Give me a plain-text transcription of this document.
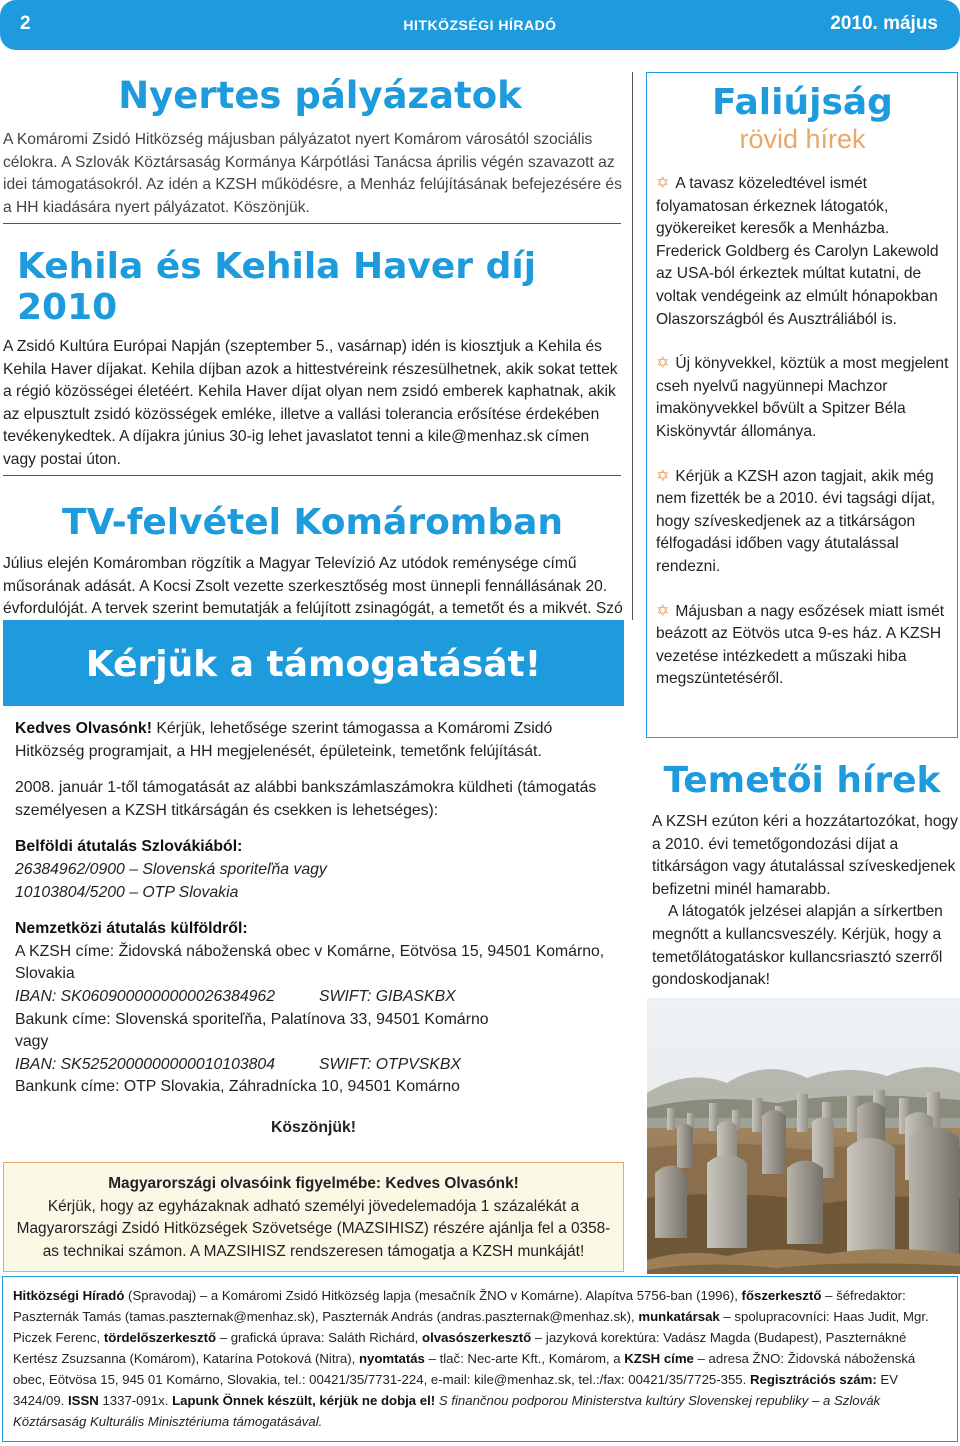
2	HITKÖZSÉGI HÍRADÓ	2010. május
Nyertes pályázatok

A Komáromi Zsidó Hitközség májusban pályázatot nyert Komárom városától szociális célokra. A Szlovák Köztársaság Kormánya Kárpótlási Tanácsa április végén szavazott az idei támogatásokról. Az idén a KZSH működésre, a Menház felújításának befejezésére és a HH kiadására nyert pályázatot. Köszönjük.

Kehila és Kehila Haver díj 2010

A Zsidó Kultúra Európai Napján (szeptember 5., vasárnap) idén is kiosztjuk a Kehila és Kehila Haver díjakat. Kehila díjban azok a hittestvéreink részesülhetnek, akik sokat tettek a régió közösségei életéért. Kehila Haver díjat olyan nem zsidó emberek kaphatnak, akik az elpusztult zsidó közösségek emléke, illetve a vallási tolerancia erősítése érdekében tevékenykedtek. A díjakra június 30-ig lehet javaslatot tenni a kile@menhaz.sk címen vagy postai úton.

TV-felvétel Komáromban

Július elején Komáromban rögzítik a Magyar Televízió Az utódok reménysége című műsorának adását. A Kocsi Zsolt vezette szerkesztőség most ünnepli fennállásának 20. évfordulóját. A tervek szerint bemutatják a felújított zsinagógát, a temetőt és a mikvét. Szó

Kérjük a támogatását!

Kedves Olvasónk! Kérjük, lehetősége szerint támogassa a Komáromi Zsidó Hitközség programjait, a HH megjelenését, épületeink, temetőnk felújítását.

2008. január 1-től támogatását az alábbi bankszámlaszámokra küldheti (támogatás személyesen a KZSH titkárságán és csekken is lehetséges):

Belföldi átutalás Szlovákiából:

26384962/0900 – Slovenská sporiteľňa vagy

10103804/5200 – OTP Slovakia

Nemzetközi átutalás külföldről:

A KZSH címe: Židovská náboženská obec v Komárne, Eötvösa 15, 94501 Komárno, Slovakia

IBAN: SK0609000000000026384962	SWIFT: GIBASKBX

Bakunk címe: Slovenská sporiteľňa, Palatínova 33, 94501 Komárno

vagy

IBAN: SK5252000000000010103804	SWIFT: OTPVSKBX

Bankunk címe: OTP Slovakia, Záhradnícka 10, 94501 Komárno

Köszönjük!

Magyarországi olvasóink figyelmébe: Kedves Olvasónk!

Kérjük, hogy az egyházaknak adható személyi jövedelemadója 1 százalékát a Magyarországi Zsidó Hitközségek Szövetsége (MAZSIHISZ) részére ajánlja fel a 0358-as technikai számon. A MAZSIHISZ rendszeresen támogatja a KZSH munkáját!

Faliújság
rövid hírek

✡ A tavasz közeledtével ismét folyamatosan érkeznek látogatók, gyökereiket keresők a Menházba. Frederick Goldberg és Carolyn Lakewold az USA-ból érkeztek múltat kutatni, de voltak vendégeink az elmúlt hónapokban Olaszországból és Ausztráliából is.

✡ Új könyvekkel, köztük a most megjelent cseh nyelvű nagyünnepi Machzor imakönyvekkel bővült a Spitzer Béla Kiskönyvtár állománya.

✡ Kérjük a KZSH azon tagjait, akik még nem fizették be a 2010. évi tagsági díjat, hogy szíveskedjenek az a titkárságon félfogadási időben vagy átutalással rendezni.

✡ Májusban a nagy esőzések miatt ismét beázott az Eötvös utca 9-es ház. A KZSH vezetése intézkedett a műszaki hiba megszüntetéséről.

Temetői hírek

A KZSH ezúton kéri a hozzátartozókat, hogy a 2010. évi temetőgondozási díjat a titkárságon vagy átutalással szíveskedjenek befizetni minél hamarabb.

A látogatók jelzései alapján a sírkertben megnőtt a kullancsveszély. Kérjük, hogy a temetőlátogatáskor kullancsriasztó szerről gondoskodjanak!

Hitközségi Híradó (Spravodaj) – a Komáromi Zsidó Hitközség lapja (mesačník ŽNO v Komárne). Alapítva 5756-ban (1996), főszerkesztő – šéfredaktor: Paszternák Tamás (tamas.paszternak@menhaz.sk), Paszternák András (andras.paszternak@menhaz.sk), munkatársak – spolupracovníci: Haas Judit, Mgr. Piczek Ferenc, tördelőszerkesztő – grafická úprava: Saláth Richárd, olvasószerkesztő – jazyková korektúra: Vadász Magda (Budapest), Paszternákné Kertész Zsuzsanna (Komárom), Katarína Potoková (Nitra), nyomtatás – tlač: Nec-arte Kft., Komárom, a KZSH címe – adresa ŽNO: Židovská náboženská obec, Eötvösa 15, 945 01 Komárno, Slovakia, tel.: 00421/35/7731-224, e-mail: kile@menhaz.sk, tel.:/fax: 00421/35/7725-355. Regisztrációs szám: EV 3424/09. ISSN 1337-091x. Lapunk Önnek készült, kérjük ne dobja el! S finančnou podporou Ministerstva kultúry Slovenskej republiky – a Szlovák Köztársaság Kulturális Minisztériuma támogatásával.
